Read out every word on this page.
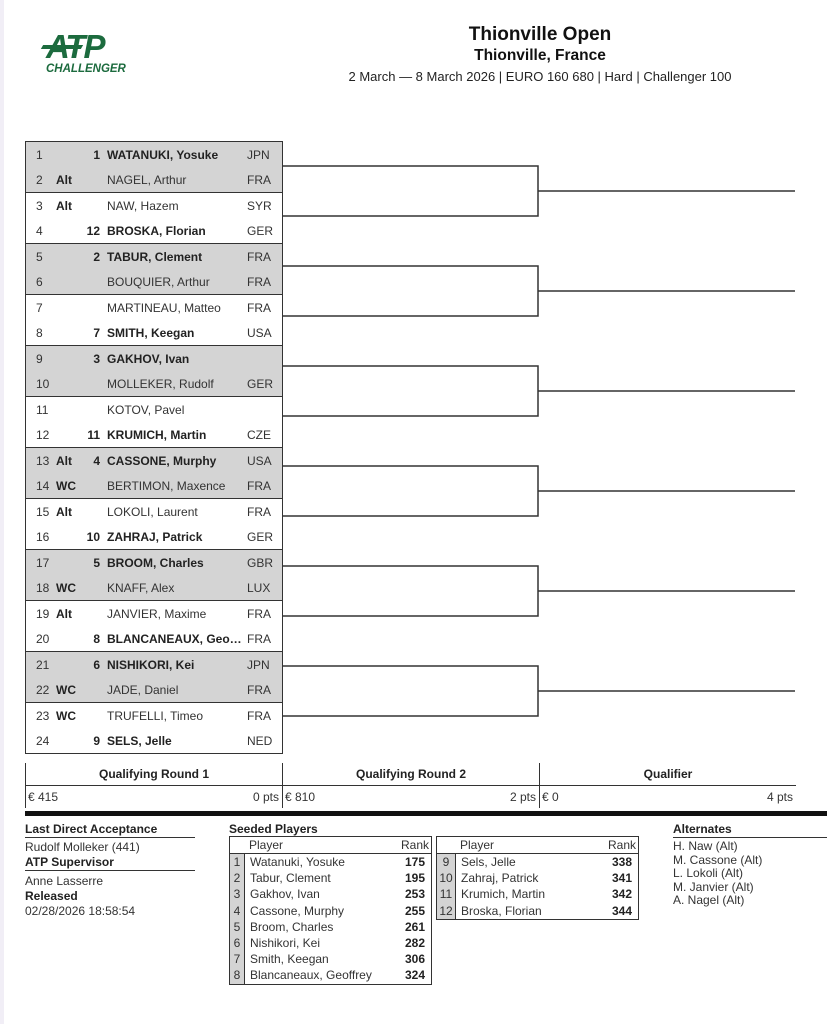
ATP
CHALLENGER
Thionville Open
Thionville, France
2 March — 8 March 2026 | EURO 160 680 | Hard | Challenger 100
1	1 WATANUKI, Yosuke	JPN
2	Alt	NAGEL, Arthur	FRA
3	Alt	NAW, Hazem	SYR
4	12 BROSKA, Florian	GER
5	2 TABUR, Clement	FRA
6	BOUQUIER, Arthur	FRA
7	MARTINEAU, Matteo	FRA
8	7 SMITH, Keegan	USA
9	3 GAKHOV, Ivan
10	MOLLEKER, Rudolf	GER
11	KOTOV, Pavel
12	11 KRUMICH, Martin	CZE
13 Alt	4 CASSONE, Murphy	USA
14 WC	BERTIMON, Maxence	FRA
15 Alt	LOKOLI, Laurent	FRA
16	10 ZAHRAJ, Patrick	GER
17	5 BROOM, Charles	GBR
18 WC	KNAFF, Alex	LUX
19 Alt	JANVIER, Maxime	FRA
20	8 BLANCANEAUX, Geo… FRA
21	6 NISHIKORI, Kei	JPN
22 WC	JADE, Daniel	FRA
23 WC	TRUFELLI, Timeo	FRA
24	9 SELS, Jelle	NED
Qualifying Round 1
€ 415	0 pts
Qualifying Round 2
€ 810	2 pts
Qualifier
€ 0	4 pts
Last Direct Acceptance
Rudolf Molleker (441)
ATP Supervisor
Anne Lasserre
Released
02/28/2026 18:58:54
Seeded Players
Player	Rank
1 Watanuki, Yosuke	175
2 Tabur, Clement	195
3 Gakhov, Ivan	253
4 Cassone, Murphy	255
5 Broom, Charles	261
6 Nishikori, Kei	282
7 Smith, Keegan	306
8 Blancaneaux, Geoffrey	324
Player	Rank
9 Sels, Jelle	338
10 Zahraj, Patrick	341
11 Krumich, Martin	342
12 Broska, Florian	344
Alternates
H. Naw (Alt)
M. Cassone (Alt)
L. Lokoli (Alt)
M. Janvier (Alt)
A. Nagel (Alt)
